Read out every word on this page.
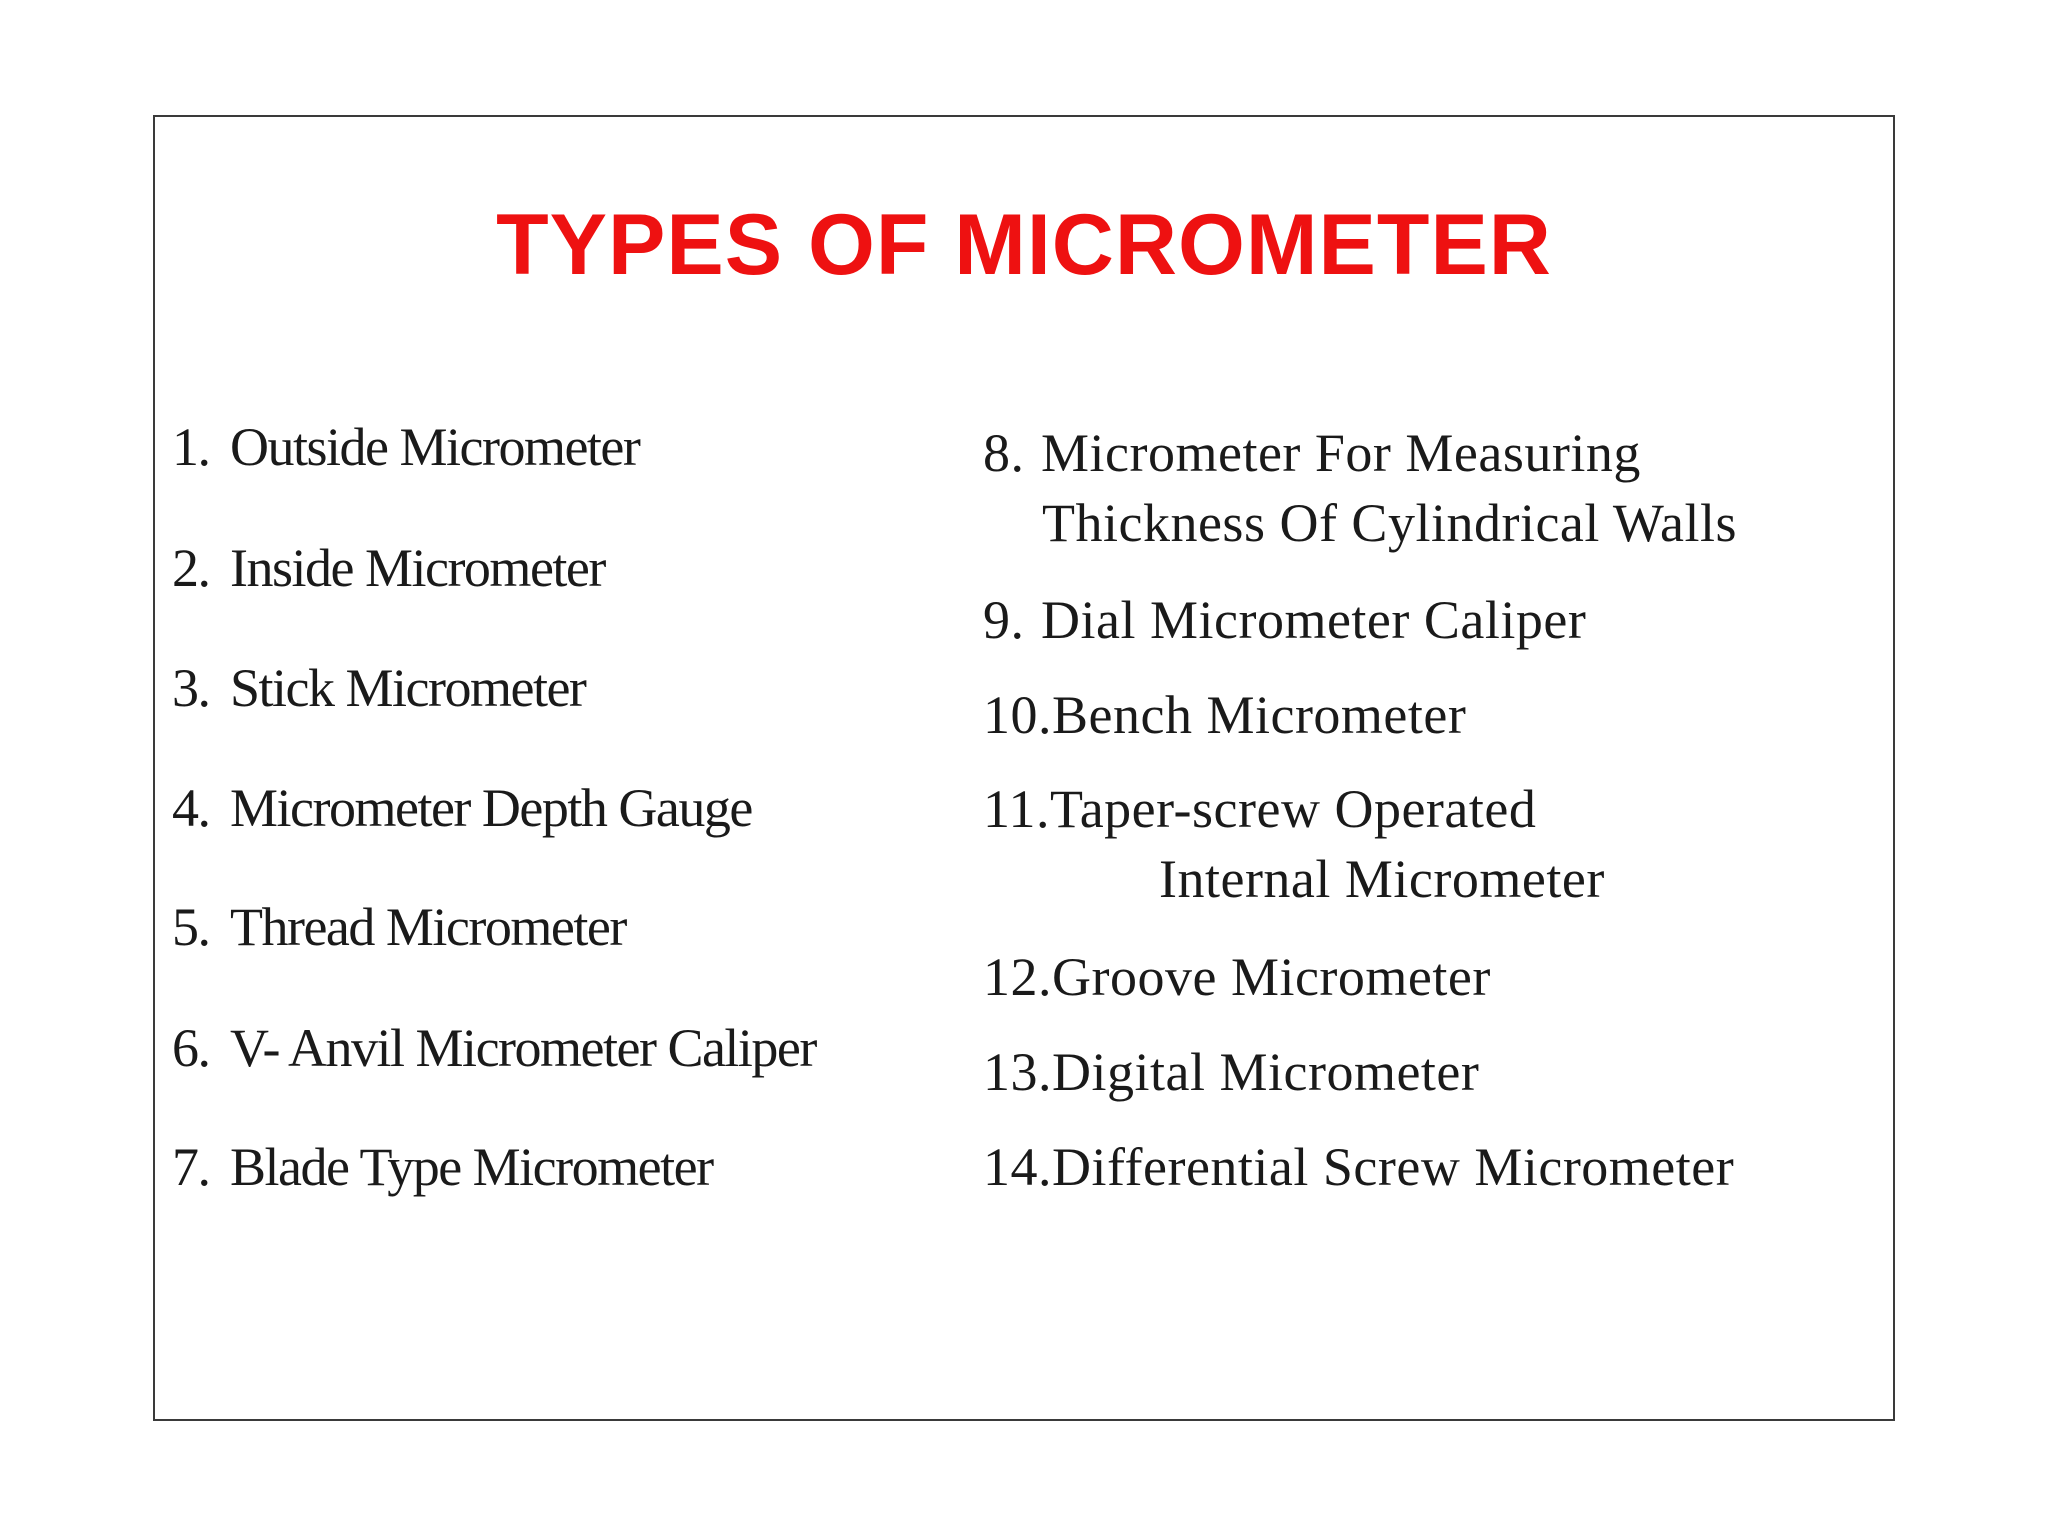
TYPES OF MICROMETER
1. Outside Micrometer
2. Inside Micrometer
3. Stick Micrometer
4. Micrometer Depth Gauge
5. Thread Micrometer
6. V- Anvil Micrometer Caliper
7. Blade Type Micrometer
8. Micrometer For Measuring
Thickness Of Cylindrical Walls
9. Dial Micrometer Caliper
10.Bench Micrometer
11.Taper-screw Operated
Internal Micrometer
12.Groove Micrometer
13.Digital Micrometer
14.Differential Screw Micrometer
